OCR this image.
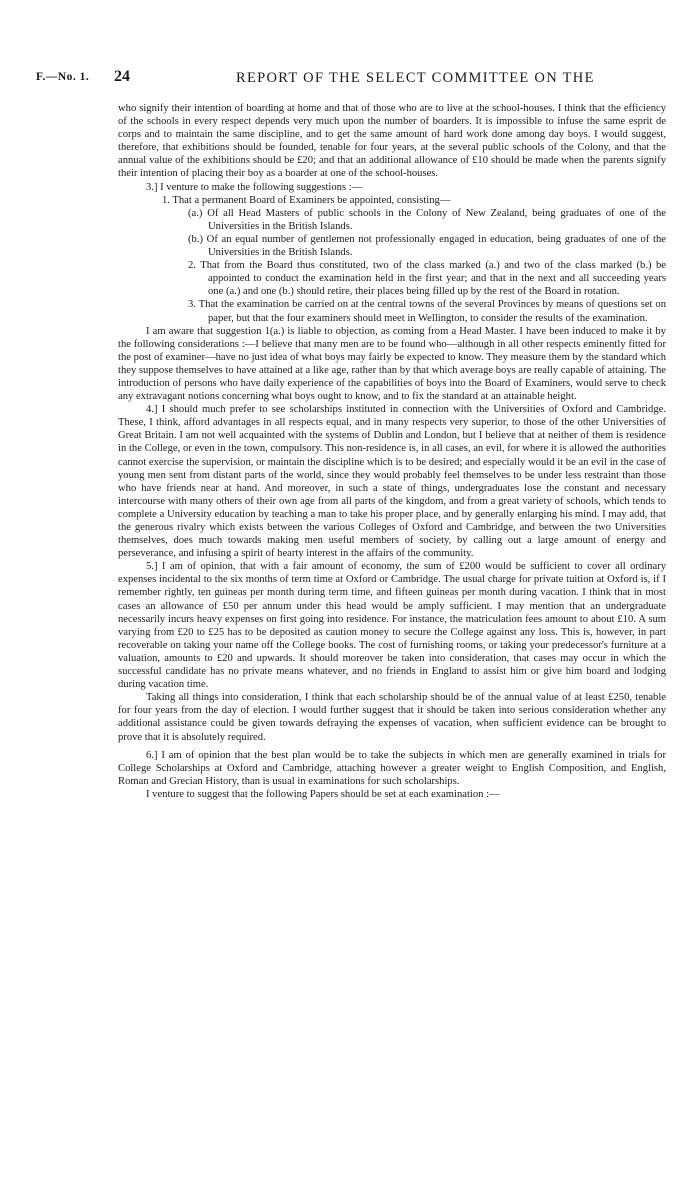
F.—No. 1. 24	REPORT OF THE SELECT COMMITTEE ON THE

who signify their intention of boarding at home and that of those who are to live at the school-houses. I think that the efficiency of the schools in every respect depends very much upon the number of boarders. It is impossible to infuse the same esprit de corps and to maintain the same discipline, and to get the same amount of hard work done among day boys. I would suggest, therefore, that exhibitions should be founded, tenable for four years, at the several public schools of the Colony, and that the annual value of the exhibitions should be £20; and that an additional allowance of £10 should be made when the parents signify their intention of placing their boy as a boarder at one of the school-houses.

3.] I venture to make the following suggestions :—

1. That a permanent Board of Examiners be appointed, consisting—

(a.) Of all Head Masters of public schools in the Colony of New Zealand, being graduates of one of the Universities in the British Islands.

(b.) Of an equal number of gentlemen not professionally engaged in education, being graduates of one of the Universities in the British Islands.

2. That from the Board thus constituted, two of the class marked (a.) and two of the class marked (b.) be appointed to conduct the examination held in the first year; and that in the next and all succeeding years one (a.) and one (b.) should retire, their places being filled up by the rest of the Board in rotation.

3. That the examination be carried on at the central towns of the several Provinces by means of questions set on paper, but that the four examiners should meet in Wellington, to consider the results of the examination.

I am aware that suggestion 1(a.) is liable to objection, as coming from a Head Master. I have been induced to make it by the following considerations :—I believe that many men are to be found who—although in all other respects eminently fitted for the post of examiner—have no just idea of what boys may fairly be expected to know. They measure them by the standard which they suppose themselves to have attained at a like age, rather than by that which average boys are really capable of attaining. The introduction of persons who have daily experience of the capabilities of boys into the Board of Examiners, would serve to check any extravagant notions concerning what boys ought to know, and to fix the standard at an attainable height.

4.] I should much prefer to see scholarships instituted in connection with the Universities of Oxford and Cambridge. These, I think, afford advantages in all respects equal, and in many respects very superior, to those of the other Universities of Great Britain. I am not well acquainted with the systems of Dublin and London, but I believe that at neither of them is residence in the College, or even in the town, compulsory. This non-residence is, in all cases, an evil, for where it is allowed the authorities cannot exercise the supervision, or maintain the discipline which is to be desired; and especially would it be an evil in the case of young men sent from distant parts of the world, since they would probably feel themselves to be under less restraint than those who have friends near at hand. And moreover, in such a state of things, undergraduates lose the constant and necessary intercourse with many others of their own age from all parts of the kingdom, and from a great variety of schools, which tends to complete a University education by teaching a man to take his proper place, and by generally enlarging his mind. I may add, that the generous rivalry which exists between the various Colleges of Oxford and Cambridge, and between the two Universities themselves, does much towards making men useful members of society, by calling out a large amount of energy and perseverance, and infusing a spirit of hearty interest in the affairs of the community.

5.] I am of opinion, that with a fair amount of economy, the sum of £200 would be sufficient to cover all ordinary expenses incidental to the six months of term time at Oxford or Cambridge. The usual charge for private tuition at Oxford is, if I remember rightly, ten guineas per month during term time, and fifteen guineas per month during vacation. I think that in most cases an allowance of £50 per annum under this head would be amply sufficient. I may mention that an undergraduate necessarily incurs heavy expenses on first going into residence. For instance, the matriculation fees amount to about £10. A sum varying from £20 to £25 has to be deposited as caution money to secure the College against any loss. This is, however, in part recoverable on taking your name off the College books. The cost of furnishing rooms, or taking your predecessor's furniture at a valuation, amounts to £20 and upwards. It should moreover be taken into consideration, that cases may occur in which the successful candidate has no private means whatever, and no friends in England to assist him or give him board and lodging during vacation time.

Taking all things into consideration, I think that each scholarship should be of the annual value of at least £250, tenable for four years from the day of election. I would further suggest that it should be taken into serious consideration whether any additional assistance could be given towards defraying the expenses of vacation, when sufficient evidence can be brought to prove that it is absolutely required.

6.] I am of opinion that the best plan would be to take the subjects in which men are generally examined in trials for College Scholarships at Oxford and Cambridge, attaching however a greater weight to English Composition, and English, Roman and Grecian History, than is usual in examinations for such scholarships.

I venture to suggest that the following Papers should be set at each examination :—
